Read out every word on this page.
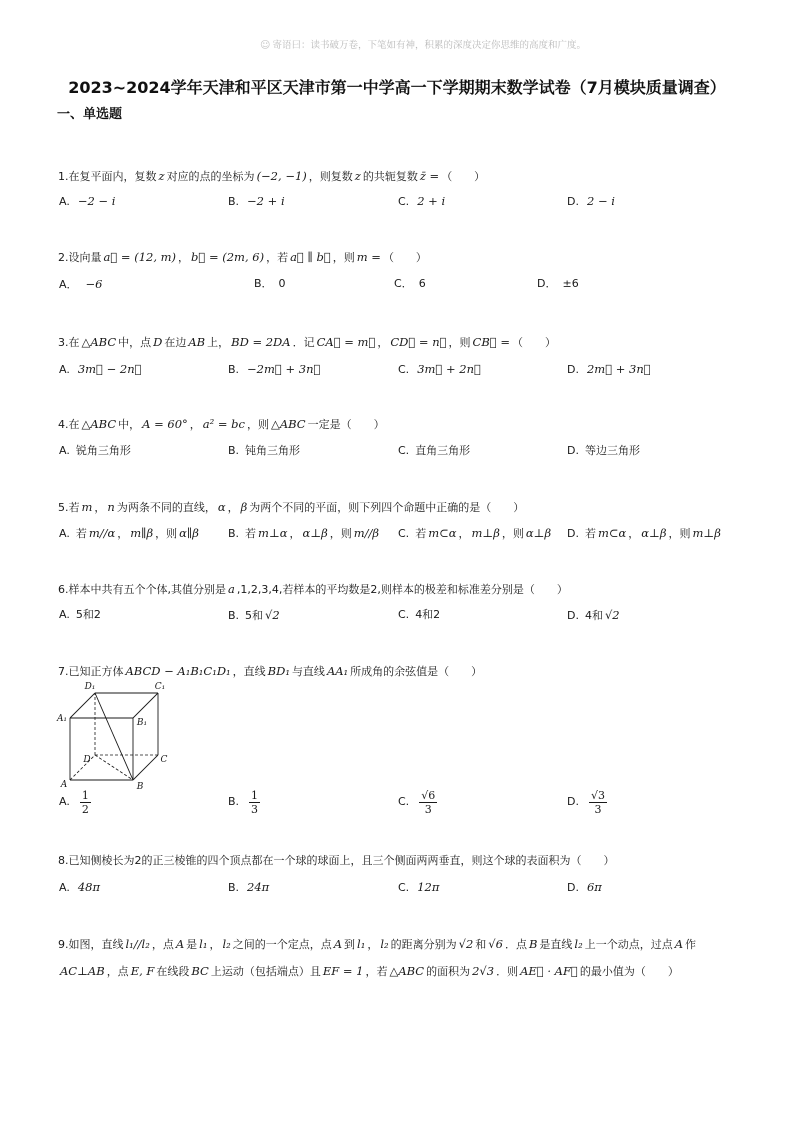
☺ 寄语曰：读书破万卷，下笔如有神，积累的深度决定你思维的高度和广度。
2023~2024学年天津和平区天津市第一中学高一下学期期末数学试卷（7月模块质量调查）
一、单选题
1.在复平面内，复数 z 对应的点的坐标为 (−2, −1) ，则复数 z 的共轭复数 z̄ = （　　）
A. −2 − i	B. −2 + i	C. 2 + i	D. 2 − i
2.设向量 a⃗ = (12, m) ， b⃗ = (2m, 6) ，若 a⃗ ∥ b⃗ ，则 m = （　　）
A． −6	B． 0	C． 6	D． ±6
3.在 △ABC 中，点 D 在边 AB 上， BD = 2DA ．记 CA⃗ = m⃗ ， CD⃗ = n⃗ ，则 CB⃗ = （　　）
A. 3m⃗ − 2n⃗	B. −2m⃗ + 3n⃗	C. 3m⃗ + 2n⃗	D. 2m⃗ + 3n⃗
4.在 △ABC 中， A = 60° ， a² = bc ，则 △ABC 一定是（　　）
A. 锐角三角形	B. 钝角三角形	C. 直角三角形	D. 等边三角形
5.若 m ， n 为两条不同的直线， α ， β 为两个不同的平面，则下列四个命题中正确的是（　　）
A. 若 m//α ， m∥β ，则 α∥β	B. 若 m⊥α ， α⊥β ，则 m//β C. 若 m⊂α ， m⊥β ，则 α⊥β D. 若 m⊂α ， α⊥β ，则 m⊥β
6.样本中共有五个个体,其值分别是 a ,1,2,3,4,若样本的平均数是2,则样本的极差和标准差分别是（　　）
A. 5和2	B. 5和 √2	C. 4和2	D. 4和 √2
7.已知正方体 ABCD − A₁B₁C₁D₁ ，直线 BD₁ 与直线 AA₁ 所成角的余弦值是（　　）
D₁	C₁
A₁	B₁
D	C
A	B
A. $\frac{1}{2}$	B. $\frac{1}{3}$	C. $\frac{√6}{3}$	D. $\frac{√3}{3}$
8.已知侧棱长为2的正三棱锥的四个顶点都在一个球的球面上，且三个侧面两两垂直，则这个球的表面积为（　　）
A. 48π	B. 24π	C. 12π	D. 6π
9.如图，直线 l₁//l₂ ，点 A 是 l₁ ， l₂ 之间的一个定点，点 A 到 l₁ ， l₂ 的距离分别为 √2 和 √6 ．点 B 是直线 l₂ 上一个动点，过点 A 作AC⊥AB ，点 E, F 在线段 BC 上运动（包括端点）且 EF = 1 ，若 △ABC 的面积为 2√3 ．则 AE⃗ · AF⃗ 的最小值为（　　）
